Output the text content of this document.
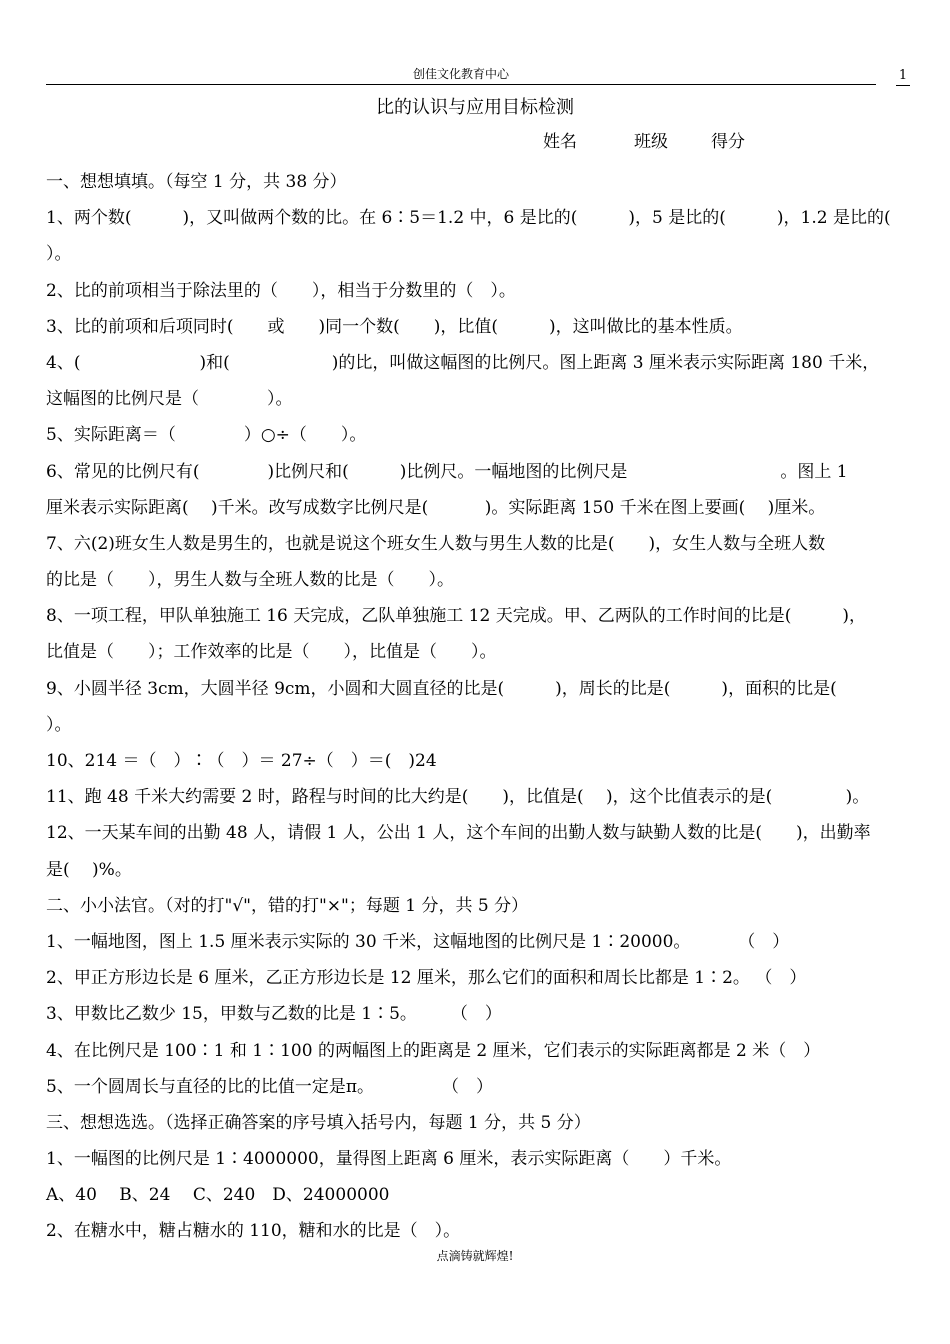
创佳文化教育中心	1
比的认识与应用目标检测
姓名	班级	得分
一、想想填填。（每空 1 分，共 38 分）
1、两个数(　　　)，又叫做两个数的比。在 6∶5＝1.2 中，6 是比的(　　　)，5 是比的(　　　)，1.2 是比的(
）。
2、比的前项相当于除法里的（　　），相当于分数里的（　）。
3、比的前项和后项同时(　　或　　)同一个数(　　)，比值(　　　)，这叫做比的基本性质。
4、(　　　　　　　)和(　　　　　　)的比，叫做这幅图的比例尺。图上距离 3 厘米表示实际距离 180 千米，
这幅图的比例尺是（　　　　）。
5、实际距离＝（　　　　）○÷（　　）。
6、常见的比例尺有(　　　　)比例尺和(　　　)比例尺。一幅地图的比例尺是　　　　　　　　　。图上 1
厘米表示实际距离(　 )千米。改写成数字比例尺是(　　　 )。实际距离 150 千米在图上要画(　 )厘米。
7、六(2)班女生人数是男生的，也就是说这个班女生人数与男生人数的比是(　　)，女生人数与全班人数
的比是（　　），男生人数与全班人数的比是（　　）。
8、一项工程，甲队单独施工 16 天完成，乙队单独施工 12 天完成。甲、乙两队的工作时间的比是(　　　)，
比值是（　　）；工作效率的比是（　　），比值是（　　）。
9、小圆半径 3cm，大圆半径 9cm，小圆和大圆直径的比是(　　　)，周长的比是(　　　)，面积的比是(
）。
10、214 ＝（　）∶（　）＝ 27÷（　）＝(　)24
11、跑 48 千米大约需要 2 时，路程与时间的比大约是(　　)，比值是(　 )，这个比值表示的是(　　　　 )。
12、一天某车间的出勤 48 人，请假 1 人，公出 1 人，这个车间的出勤人数与缺勤人数的比是(　　)，出勤率
是(　 )%。
二、小小法官。（对的打"√"，错的打"×"；每题 1 分，共 5 分）
1、一幅地图，图上 1.5 厘米表示实际的 30 千米，这幅地图的比例尺是 1∶20000。　　　 （　）
2、甲正方形边长是 6 厘米，乙正方形边长是 12 厘米，那么它们的面积和周长比都是 1∶2。 （　）
3、甲数比乙数少 15，甲数与乙数的比是 1∶5。　　　（　）
4、在比例尺是 100∶1 和 1∶100 的两幅图上的距离是 2 厘米，它们表示的实际距离都是 2 米（　）
5、一个圆周长与直径的比的比值一定是π。　　　　　（　）
三、想想选选。（选择正确答案的序号填入括号内，每题 1 分，共 5 分）
1、一幅图的比例尺是 1∶4000000，量得图上距离 6 厘米，表示实际距离（　　）千米。
A、40　 B、24　 C、240　D、24000000
2、在糖水中，糖占糖水的 110，糖和水的比是（　）。
点滴铸就辉煌!
